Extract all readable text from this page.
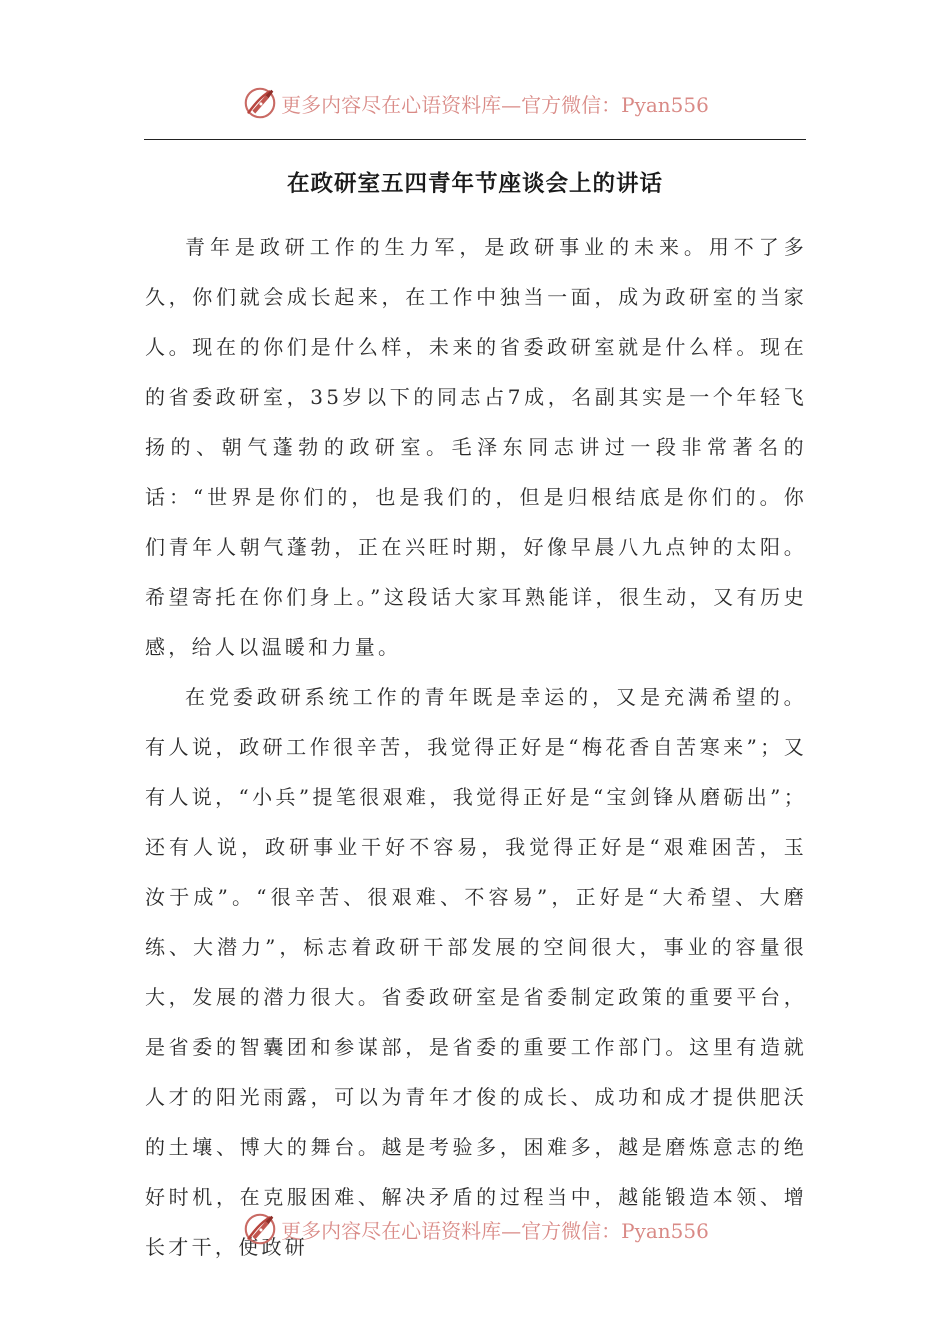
更多内容尽在心语资料库—官方微信：Pyan556
在政研室五四青年节座谈会上的讲话

青年是政研工作的生力军，是政研事业的未来。用不了多久，你们就会成长起来，在工作中独当一面，成为政研室的当家人。现在的你们是什么样，未来的省委政研室就是什么样。现在的省委政研室，35岁以下的同志占7成，名副其实是一个年轻飞扬的、朝气蓬勃的政研室。毛泽东同志讲过一段非常著名的话：“世界是你们的，也是我们的，但是归根结底是你们的。你们青年人朝气蓬勃，正在兴旺时期，好像早晨八九点钟的太阳。希望寄托在你们身上。”这段话大家耳熟能详，很生动，又有历史感，给人以温暖和力量。

在党委政研系统工作的青年既是幸运的，又是充满希望的。有人说，政研工作很辛苦，我觉得正好是“梅花香自苦寒来”；又有人说，“小兵”提笔很艰难，我觉得正好是“宝剑锋从磨砺出”；还有人说，政研事业干好不容易，我觉得正好是“艰难困苦，玉汝于成”。“很辛苦、很艰难、不容易”，正好是“大希望、大磨练、大潜力”，标志着政研干部发展的空间很大，事业的容量很大，发展的潜力很大。省委政研室是省委制定政策的重要平台，是省委的智囊团和参谋部，是省委的重要工作部门。这里有造就人才的阳光雨露，可以为青年才俊的成长、成功和成才提供肥沃的土壤、博大的舞台。越是考验多，困难多，越是磨炼意志的绝好时机，在克服困难、解决矛盾的过程当中，越能锻造本领、增长才干，使政研

更多内容尽在心语资料库—官方微信：Pyan556
